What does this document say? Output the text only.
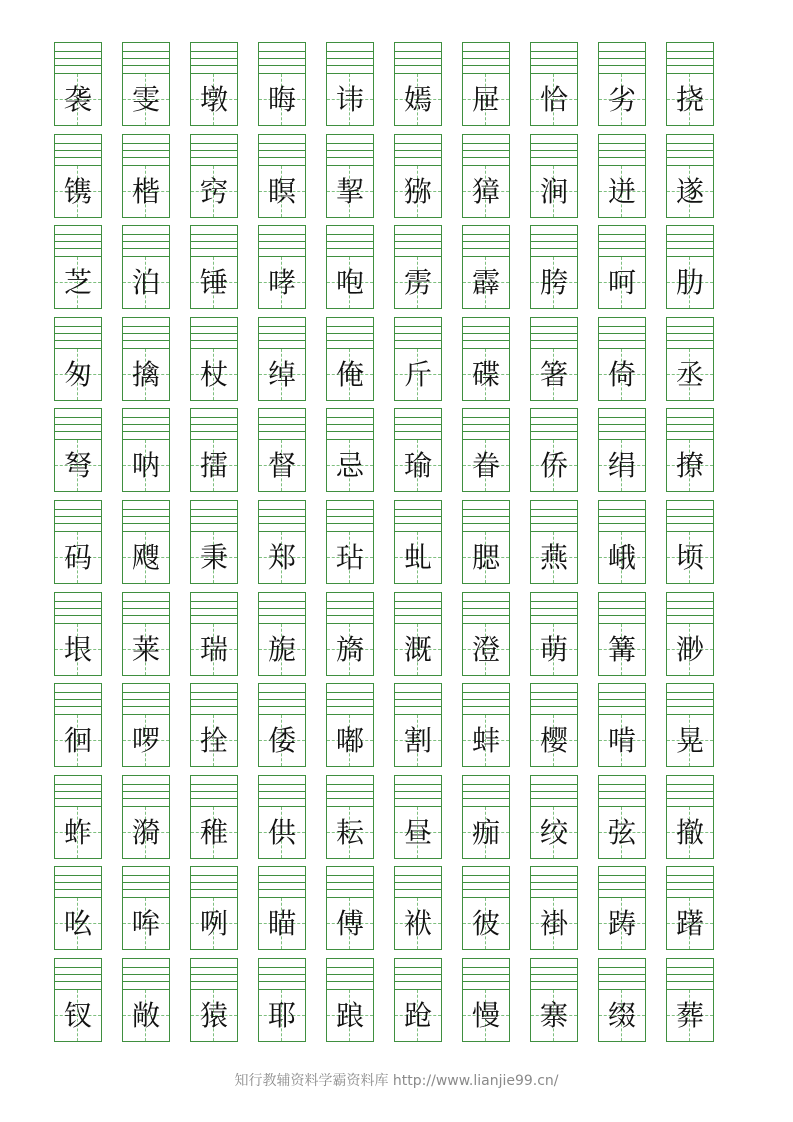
袭	雯	墩	晦	讳	嫣	屉	恰	劣	挠
镌	楷	窍	瞑	挈	猕	獐	涧	迸	遂
芝	泊	锤	哮	咆	雳	霹	胯	呵	肋
匆	擒	杖	绰	俺	斤	碟	箸	倚	丞
弩	呐	擂	督	忌	瑜	眷	侨	绢	撩
码	飕	秉	郑	玷	虬	腮	燕	峨	顷
垠	莱	瑞	旎	旖	溉	澄	萌	篝	渺
徊	啰	拴	倭	嘟	割	蚌	樱	啃	晃
蚱	漪	稚	供	耘	昼	痂	绞	弦	撤
吆	哞	咧	瞄	傅	袱	彼	褂	踌	躇
钗	敞	猿	耶	踉	跄	慢	寨	缀	葬
知行教辅资料学霸资料库 http://www.lianjie99.cn/
